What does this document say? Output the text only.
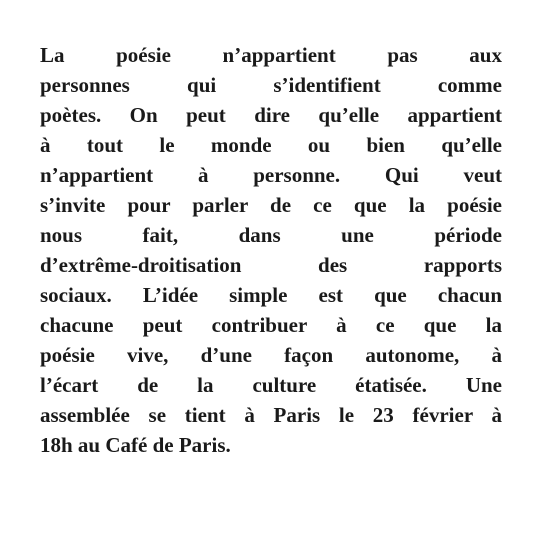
La poésie n’appartient pas aux
personnes qui s’identifient comme
poètes. On peut dire qu’elle appartient
à tout le monde ou bien qu’elle
n’appartient à personne. Qui veut
s’invite pour parler de ce que la poésie
nous fait, dans une période
d’extrême-droitisation des rapports
sociaux. L’idée simple est que chacun
chacune peut contribuer à ce que la
poésie vive, d’une façon autonome, à
l’écart de la culture étatisée. Une
assemblée se tient à Paris le 23 février à
18h au Café de Paris.
